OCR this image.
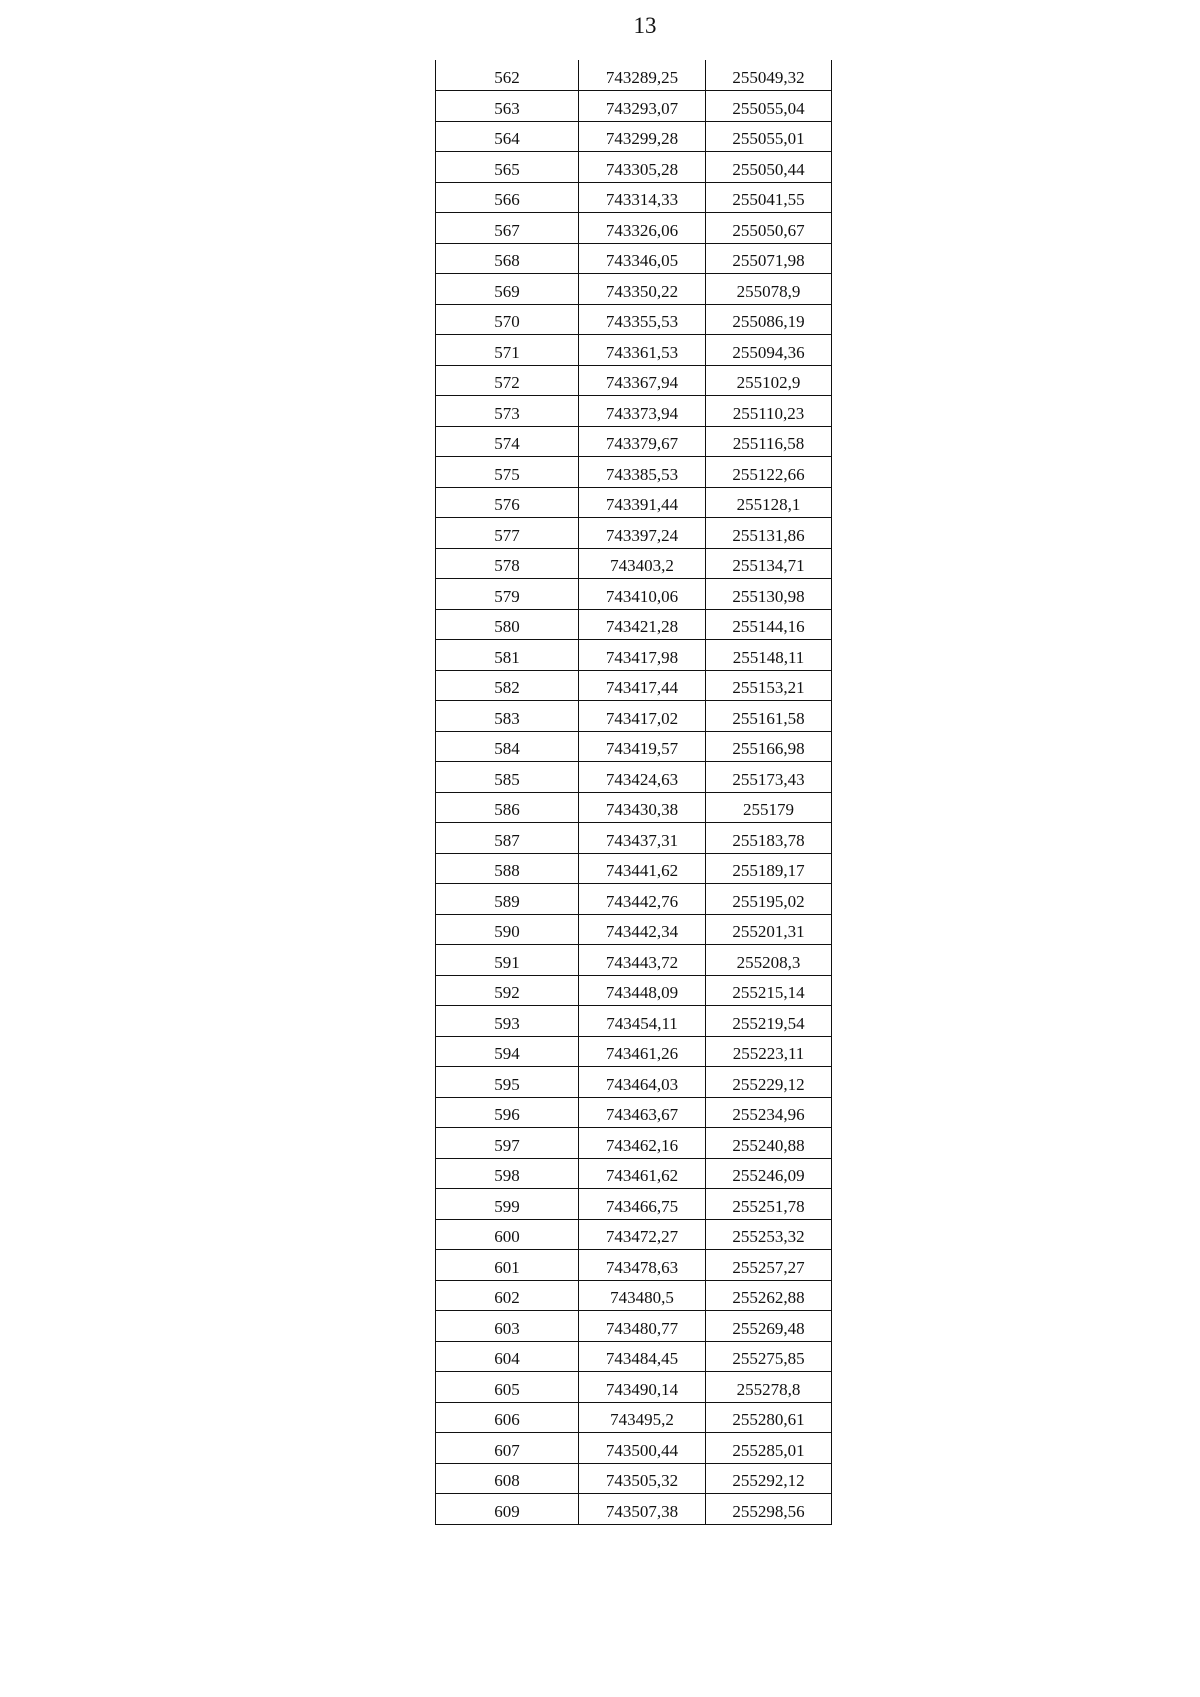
13
562	743289,25	255049,32
563	743293,07	255055,04
564	743299,28	255055,01
565	743305,28	255050,44
566	743314,33	255041,55
567	743326,06	255050,67
568	743346,05	255071,98
569	743350,22	255078,9
570	743355,53	255086,19
571	743361,53	255094,36
572	743367,94	255102,9
573	743373,94	255110,23
574	743379,67	255116,58
575	743385,53	255122,66
576	743391,44	255128,1
577	743397,24	255131,86
578	743403,2	255134,71
579	743410,06	255130,98
580	743421,28	255144,16
581	743417,98	255148,11
582	743417,44	255153,21
583	743417,02	255161,58
584	743419,57	255166,98
585	743424,63	255173,43
586	743430,38	255179
587	743437,31	255183,78
588	743441,62	255189,17
589	743442,76	255195,02
590	743442,34	255201,31
591	743443,72	255208,3
592	743448,09	255215,14
593	743454,11	255219,54
594	743461,26	255223,11
595	743464,03	255229,12
596	743463,67	255234,96
597	743462,16	255240,88
598	743461,62	255246,09
599	743466,75	255251,78
600	743472,27	255253,32
601	743478,63	255257,27
602	743480,5	255262,88
603	743480,77	255269,48
604	743484,45	255275,85
605	743490,14	255278,8
606	743495,2	255280,61
607	743500,44	255285,01
608	743505,32	255292,12
609	743507,38	255298,56
